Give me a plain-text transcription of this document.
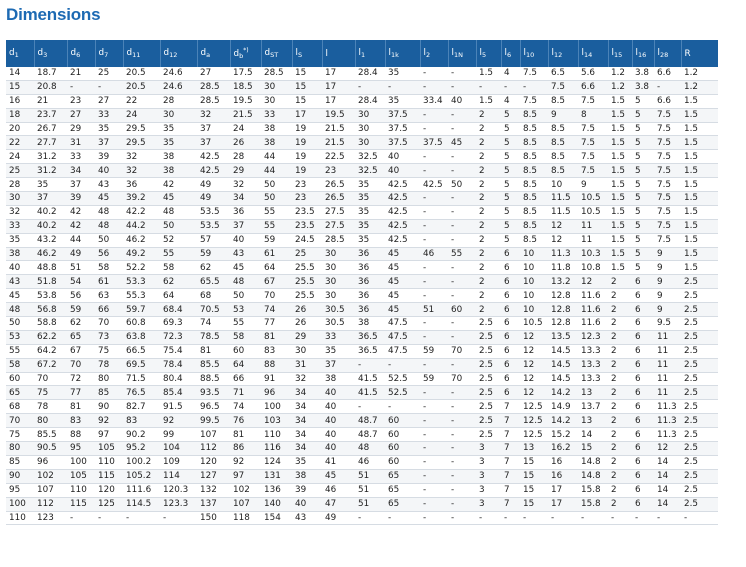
Dimensions
$d_1$	$d_3$	$d_6$	$d_7$	$d_{11}$	$d_{12}$	$d_a$	$d_b^{*)}$	$d_{ST}$	$l_S$	l	$l_1$	$l_{1k}$	$l_2$	$l_{1N}$	$l_5$	$l_6$	$l_{10}$	$l_{12}$	$l_{14}$	$l_{15}$	$l_{16}$	$l_{28}$	R
14	18.7	21	25	20.5	24.6	27	17.5	28.5	15	17	28.4	35	-	-	1.5	4	7.5	6.5	5.6	1.2	3.8	6.6	1.2
15	20.8	-	-	20.5	24.6	28.5	18.5	30	15	17	-	-	-	-	-	-	-	7.5	6.6	1.2	3.8	-	1.2
16	21	23	27	22	28	28.5	19.5	30	15	17	28.4	35	33.4	40	1.5	4	7.5	8.5	7.5	1.5	5	6.6	1.5
18	23.7	27	33	24	30	32	21.5	33	17	19.5	30	37.5	-	-	2	5	8.5	9	8	1.5	5	7.5	1.5
20	26.7	29	35	29.5	35	37	24	38	19	21.5	30	37.5	-	-	2	5	8.5	8.5	7.5	1.5	5	7.5	1.5
22	27.7	31	37	29.5	35	37	26	38	19	21.5	30	37.5	37.5	45	2	5	8.5	8.5	7.5	1.5	5	7.5	1.5
24	31.2	33	39	32	38	42.5	28	44	19	22.5	32.5	40	-	-	2	5	8.5	8.5	7.5	1.5	5	7.5	1.5
25	31.2	34	40	32	38	42.5	29	44	19	23	32.5	40	-	-	2	5	8.5	8.5	7.5	1.5	5	7.5	1.5
28	35	37	43	36	42	49	32	50	23	26.5	35	42.5	42.5	50	2	5	8.5	10	9	1.5	5	7.5	1.5
30	37	39	45	39.2	45	49	34	50	23	26.5	35	42.5	-	-	2	5	8.5	11.5	10.5	1.5	5	7.5	1.5
32	40.2	42	48	42.2	48	53.5	36	55	23.5	27.5	35	42.5	-	-	2	5	8.5	11.5	10.5	1.5	5	7.5	1.5
33	40.2	42	48	44.2	50	53.5	37	55	23.5	27.5	35	42.5	-	-	2	5	8.5	12	11	1.5	5	7.5	1.5
35	43.2	44	50	46.2	52	57	40	59	24.5	28.5	35	42.5	-	-	2	5	8.5	12	11	1.5	5	7.5	1.5
38	46.2	49	56	49.2	55	59	43	61	25	30	36	45	46	55	2	6	10	11.3	10.3	1.5	5	9	1.5
40	48.8	51	58	52.2	58	62	45	64	25.5	30	36	45	-	-	2	6	10	11.8	10.8	1.5	5	9	1.5
43	51.8	54	61	53.3	62	65.5	48	67	25.5	30	36	45	-	-	2	6	10	13.2	12	2	6	9	2.5
45	53.8	56	63	55.3	64	68	50	70	25.5	30	36	45	-	-	2	6	10	12.8	11.6	2	6	9	2.5
48	56.8	59	66	59.7	68.4	70.5	53	74	26	30.5	36	45	51	60	2	6	10	12.8	11.6	2	6	9	2.5
50	58.8	62	70	60.8	69.3	74	55	77	26	30.5	38	47.5	-	-	2.5	6	10.5	12.8	11.6	2	6	9.5	2.5
53	62.2	65	73	63.8	72.3	78.5	58	81	29	33	36.5	47.5	-	-	2.5	6	12	13.5	12.3	2	6	11	2.5
55	64.2	67	75	66.5	75.4	81	60	83	30	35	36.5	47.5	59	70	2.5	6	12	14.5	13.3	2	6	11	2.5
58	67.2	70	78	69.5	78.4	85.5	64	88	31	37	-	-	-	-	2.5	6	12	14.5	13.3	2	6	11	2.5
60	70	72	80	71.5	80.4	88.5	66	91	32	38	41.5	52.5	59	70	2.5	6	12	14.5	13.3	2	6	11	2.5
65	75	77	85	76.5	85.4	93.5	71	96	34	40	41.5	52.5	-	-	2.5	6	12	14.2	13	2	6	11	2.5
68	78	81	90	82.7	91.5	96.5	74	100	34	40	-	-	-	-	2.5	7	12.5	14.9	13.7	2	6	11.3	2.5
70	80	83	92	83	92	99.5	76	103	34	40	48.7	60	-	-	2.5	7	12.5	14.2	13	2	6	11.3	2.5
75	85.5	88	97	90.2	99	107	81	110	34	40	48.7	60	-	-	2.5	7	12.5	15.2	14	2	6	11.3	2.5
80	90.5	95	105	95.2	104	112	86	116	34	40	48	60	-	-	3	7	13	16.2	15	2	6	12	2.5
85	96	100	110	100.2	109	120	92	124	35	41	46	60	-	-	3	7	15	16	14.8	2	6	14	2.5
90	102	105	115	105.2	114	127	97	131	38	45	51	65	-	-	3	7	15	16	14.8	2	6	14	2.5
95	107	110	120	111.6	120.3	132	102	136	39	46	51	65	-	-	3	7	15	17	15.8	2	6	14	2.5
100	112	115	125	114.5	123.3	137	107	140	40	47	51	65	-	-	3	7	15	17	15.8	2	6	14	2.5
110	123	-	-	-	-	150	118	154	43	49	-	-	-	-	-	-	-	-	-	-	-	-	-
